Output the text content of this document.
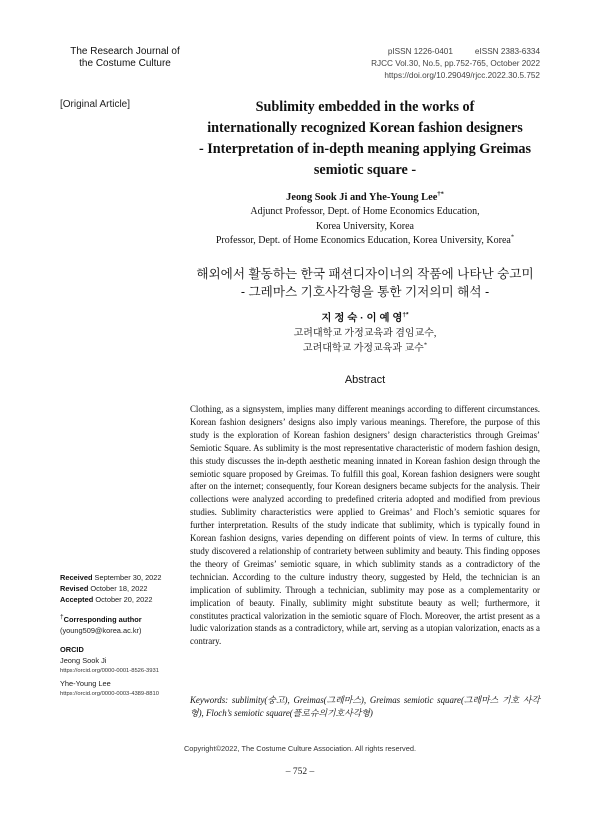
The Research Journal of
the Costume Culture
pISSN 1226-0401	eISSN 2383-6334
RJCC Vol.30, No.5, pp.752-765, October 2022
https://doi.org/10.29049/rjcc.2022.30.5.752
[Original Article]	Sublimity embedded in the works of
internationally recognized Korean fashion designers
- Interpretation of in-depth meaning applying Greimas
semiotic square -
Jeong Sook Ji and Yhe-Young Lee†*
Adjunct Professor, Dept. of Home Economics Education,
Korea University, Korea
Professor, Dept. of Home Economics Education, Korea University, Korea*
해외에서 활동하는 한국 패션디자이너의 작품에 나타난 숭고미
- 그레마스 기호사각형을 통한 기저의미 해석 -
지 정 숙 · 이 예 영†*
고려대학교 가정교육과 겸임교수,
고려대학교 가정교육과 교수*
Abstract
Clothing, as a signsystem, implies many different meanings according to different circumstances. Korean fashion designers’ designs also imply various meanings. Therefore, the purpose of this study is the exploration of Korean fashion designers’ design characteristics through Greimas’ Semiotic Square. As sublimity is the most representative characteristic of modern fashion design, this study discusses the in-depth aesthetic meaning innated in Korean fashion design through the semiotic square proposed by Greimas. To fulfill this goal, Korean fashion designers were sought after on the internet; consequently, four Korean designers became subjects for the analysis. Their collections were analyzed according to predefined criteria adopted and modified from previous studies. Sublimity characteristics were applied to Greimas’ and Floch’s semiotic squares for further interpretation. Results of the study indicate that sublimity, which is typically found in Korean fashion designs, varies depending on different points of view. In terms of culture, this study discovered a relationship of contrariety between sublimity and beauty. This finding opposes the theory of Greimas’ semiotic square, in which sublimity stands as a contradictory of the technician. According to the culture industry theory, suggested by Held, the technician is an implication of sublimity. Through a technician, sublimity may pose as a complementarity or implication of beauty. Finally, sublimity might substitute beauty as well; furthermore, it constitutes practical valorization in the semiotic square of Floch. Moreover, the artist present as a ludic valorization stands as a contradictory, while art, serving as a utopian valorization, enacts as a contrary.
Keywords: sublimity(숭고), Greimas(그레마스), Greimas semiotic square(그레마스 기호 사각형), Floch’s semiotic square(플로슈의기호사각형)
Received September 30, 2022
Revised October 18, 2022
Accepted October 20, 2022
†Corresponding author
(young509@korea.ac.kr)
ORCID
Jeong Sook Ji
https://orcid.org/0000-0001-8526-3931
Yhe-Young Lee
https://orcid.org/0000-0003-4389-8810
Copyright©2022, The Costume Culture Association. All rights reserved.
– 752 –
